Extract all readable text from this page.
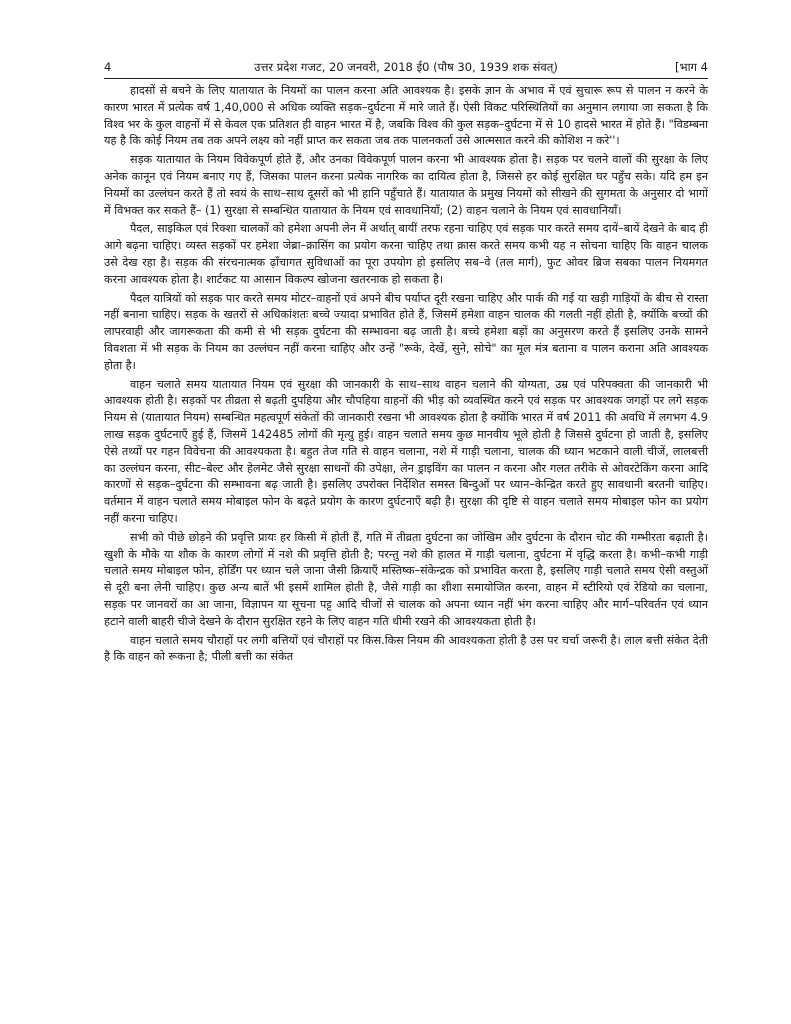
4	उत्तर प्रदेश गजट, 20 जनवरी, 2018 ई0 (पौष 30, 1939 शक संवत्)	[भाग 4

हादसों से बचने के लिए यातायात के नियमों का पालन करना अति आवश्यक है। इसके ज्ञान के अभाव में एवं सुचारू रूप से पालन न करने के कारण भारत में प्रत्येक वर्ष 1,40,000 से अधिक व्यक्ति सड़क–दुर्घटना में मारे जाते हैं। ऐसी विकट परिस्थितियों का अनुमान लगाया जा सकता है कि विश्व भर के कुल वाहनों में से केवल एक प्रतिशत ही वाहन भारत में है, जबकि विश्व की कुल सड़क–दुर्घटना में से 10 हादसे भारत में होते हैं। "विडम्बना यह है कि कोई नियम तब तक अपने लक्ष्य को नहीं प्राप्त कर सकता जब तक पालनकर्ता उसे आत्मसात करने की कोशिश न करे''।

सड़क यातायात के नियम विवेकपूर्ण होते हैं, और उनका विवेकपूर्ण पालन करना भी आवश्यक होता है। सड़क पर चलने वालों की सुरक्षा के लिए अनेक कानून एवं नियम बनाए गए हैं, जिसका पालन करना प्रत्येक नागरिक का दायित्व होता है, जिससे हर कोई सुरक्षित घर पहुँच सके। यदि हम इन नियमों का उल्लंघन करते हैं तो स्वयं के साथ–साथ दूसरों को भी हानि पहुँचाते हैं। यातायात के प्रमुख नियमों को सीखने की सुगमता के अनुसार दो भागों में विभक्त कर सकते हैं– (1) सुरक्षा से सम्बन्धित यातायात के नियम एवं सावधानियाँ; (2) वाहन चलाने के नियम एवं सावधानियाँ।

पैदल, साइकिल एवं रिक्शा चालकों को हमेशा अपनी लेन में अर्थात् बायीं तरफ रहना चाहिए एवं सड़क पार करते समय दायें–बायें देखने के बाद ही आगे बढ़ना चाहिए। व्यस्त सड़कों पर हमेशा जेब्रा–क्रासिंग का प्रयोग करना चाहिए तथा क्रास करते समय कभी यह न सोचना चाहिए कि वाहन चालक उसे देख रहा है। सड़क की संरचनात्मक ढ़ाँचागत सुविधाओं का पूरा उपयोग हो इसलिए सब–वे (तल मार्ग), फुट ओवर ब्रिज सबका पालन नियमगत करना आवश्यक होता है। शार्टकट या आसान विकल्प खोजना खतरनाक हो सकता है।

पैदल यात्रियों को सड़क पार करते समय मोटर–वाहनों एवं अपने बीच पर्याप्त दूरी रखना चाहिए और पार्क की गई या खड़ी गाड़ियों के बीच से रास्ता नहीं बनाना चाहिए। सड़क के खतरों से अधिकांशतः बच्चे ज्यादा प्रभावित होते हैं, जिसमें हमेशा वाहन चालक की गलती नहीं होती है, क्योंकि बच्चों की लापरवाही और जागरूकता की कमी से भी सड़क दुर्घटना की सम्भावना बढ़ जाती है। बच्चे हमेशा बड़ों का अनुसरण करते हैं इसलिए उनके सामने विवशता में भी सड़क के नियम का उल्लंघन नहीं करना चाहिए और उन्हें "रूके, देखें, सुने, सोचे" का मूल मंत्र बताना व पालन कराना अति आवश्यक होता है।

वाहन चलाते समय यातायात नियम एवं सुरक्षा की जानकारी के साथ–साथ वाहन चलाने की योग्यता, उम्र एवं परिपक्वता की जानकारी भी आवश्यक होती है। सड़कों पर तीव्रता से बढ़ती दुपहिया और चौपहिया वाहनों की भीड़ को व्यवस्थित करने एवं सड़क पर आवश्यक जगहों पर लगे सड़क नियम से (यातायात नियम) सम्बन्धित महत्वपूर्ण संकेतों की जानकारी रखना भी आवश्यक होता है क्योंकि भारत में वर्ष 2011 की अवधि में लगभग 4.9 लाख सड़क दुर्घटनाएँ हुई हैं, जिसमें 142485 लोगों की मृत्यु हुई। वाहन चलाते समय कुछ मानवीय भूले होती है जिससे दुर्घटना हो जाती है, इसलिए ऐसे तथ्यों पर गहन विवेचना की आवश्यकता है। बहुत तेज गति से वाहन चलाना, नशे में गाड़ी चलाना, चालक की ध्यान भटकाने वाली चीजें, लालबत्ती का उल्लंघन करना, सीट–बेल्ट और हेलमेट जैसे सुरक्षा साधनों की उपेक्षा, लेन ड्राइविंग का पालन न करना और गलत तरीके से ओवरटेकिंग करना आदि कारणों से सड़क–दुर्घटना की सम्भावना बढ़ जाती है। इसलिए उपरोक्त निर्देशित समस्त बिन्दुओं पर ध्यान–केन्द्रित करते हुए सावधानी बरतनी चाहिए। वर्तमान में वाहन चलाते समय मोबाइल फोन के बढ़ते प्रयोग के कारण दुर्घटनाएँ बढ़ी है। सुरक्षा की दृष्टि से वाहन चलाते समय मोबाइल फोन का प्रयोग नहीं करना चाहिए।

सभी को पीछे छोड़ने की प्रवृत्ति प्रायः हर किसी में होती हैं, गति में तीव्रता दुर्घटना का जोखिम और दुर्घटना के दौरान चोट की गम्भीरता बढ़ाती है। खुशी के मौके या शौक के कारण लोगों में नशे की प्रवृत्ति होती है; परन्तु नशे की हालत में गाड़ी चलाना, दुर्घटना में वृद्धि करता है। कभी–कभी गाड़ी चलाते समय मोबाइल फोन, होर्डिंग पर ध्यान चले जाना जैसी क्रियाएँ मस्तिष्क–संकेन्द्रक को प्रभावित करता है, इसलिए गाड़ी चलाते समय ऐसी वस्तुओं से दूरी बना लेनी चाहिए। कुछ अन्य बातें भी इसमें शामिल होती है, जैसे गाड़ी का शीशा समायोजित करना, वाहन में स्टीरियो एवं रेडियो का चलाना, सड़क पर जानवरों का आ जाना, विज्ञापन या सूचना पट्ट आदि चीजों से चालक को अपना ध्यान नहीं भंग करना चाहिए और मार्ग–परिवर्तन एवं ध्यान हटाने वाली बाहरी चीजे देखने के दौरान सुरक्षित रहने के लिए वाहन गति धीमी रखने की आवश्यकता होती है।

वाहन चलाते समय चौराहों पर लगी बत्तियों एवं चौराहों पर किस.किस नियम की आवश्यकता होती है उस पर चर्चा जरूरी है। लाल बत्ती संकेत देती है कि वाहन को रूकना है; पीली बत्ती का संकेत
